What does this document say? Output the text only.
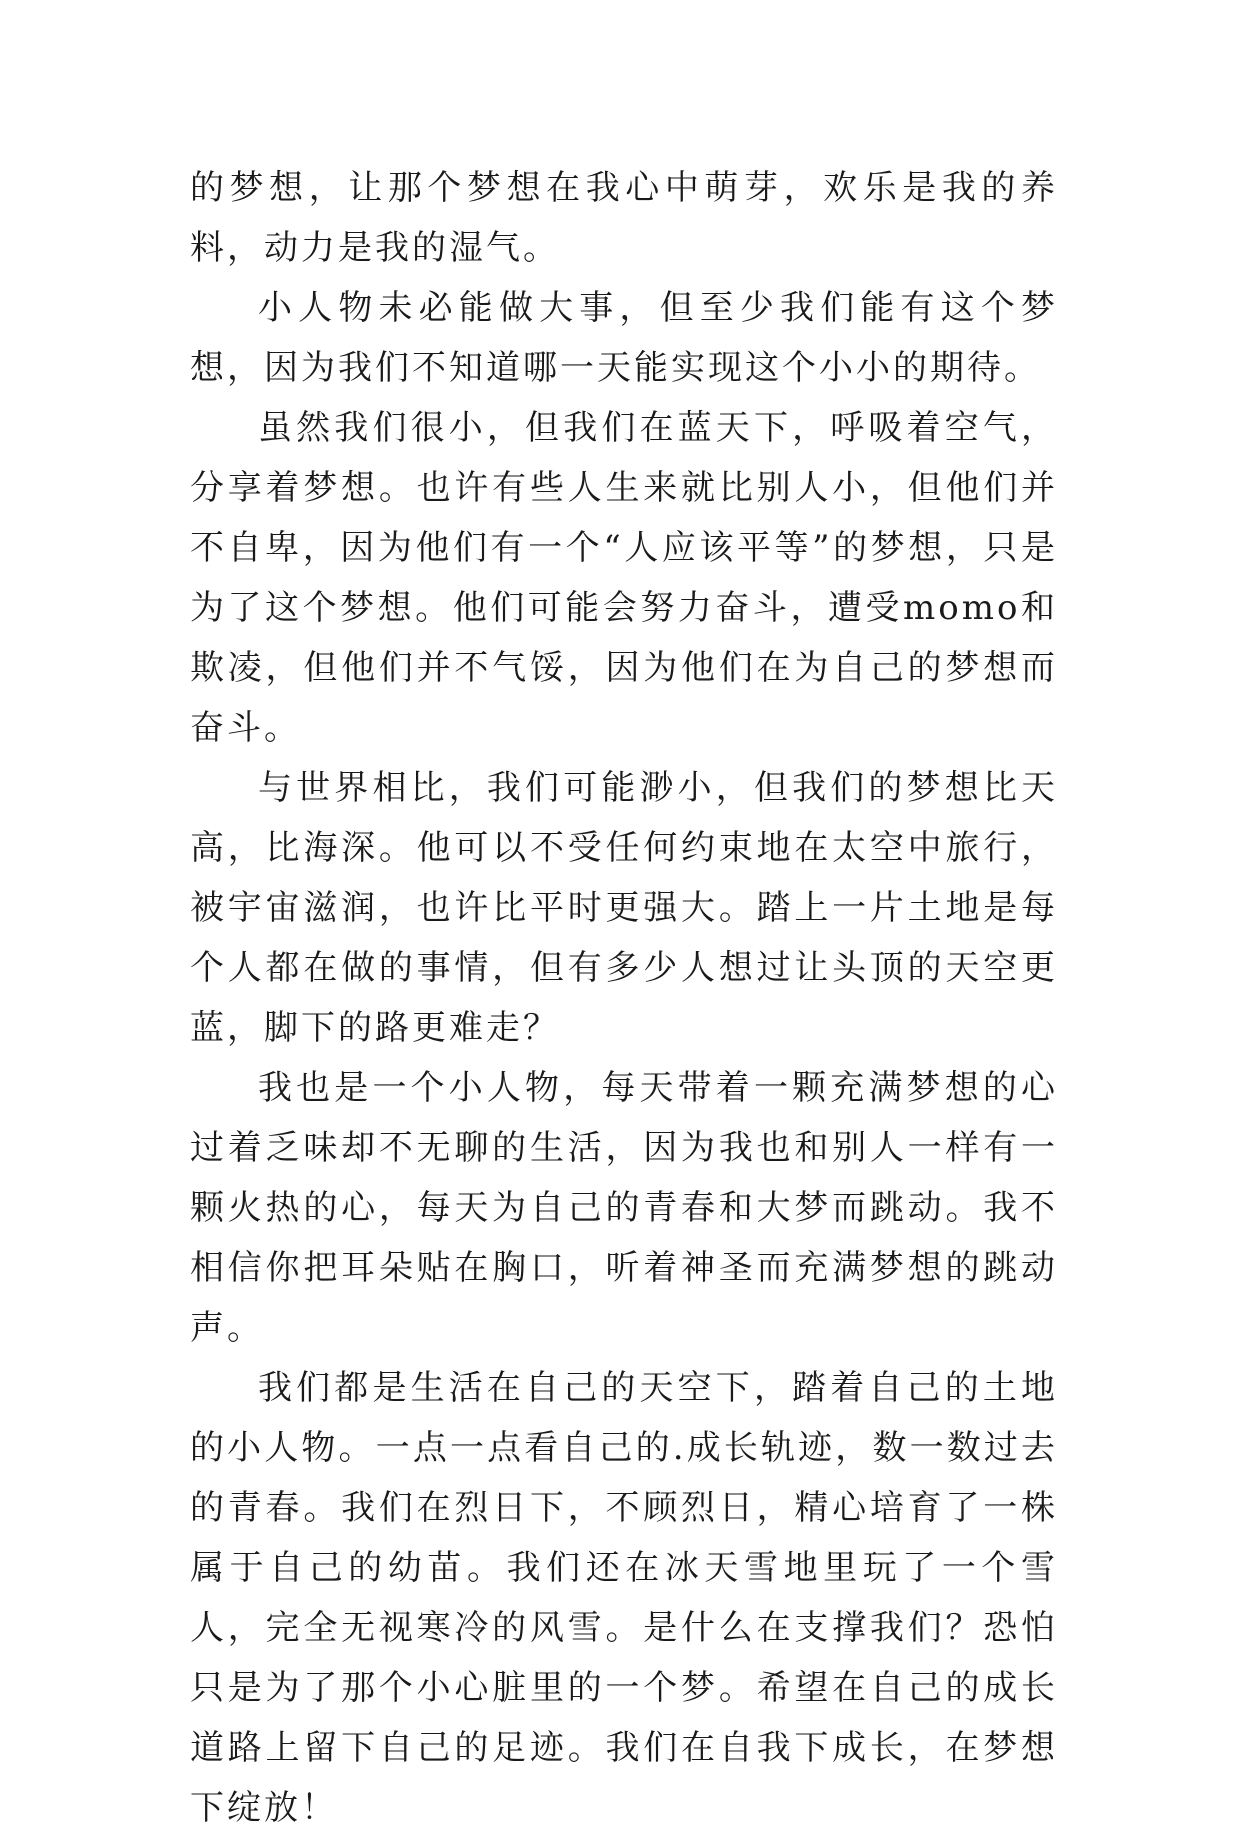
的梦想，让那个梦想在我心中萌芽，欢乐是我的养料，动力是我的湿气。

小人物未必能做大事，但至少我们能有这个梦想，因为我们不知道哪一天能实现这个小小的期待。

虽然我们很小，但我们在蓝天下，呼吸着空气，分享着梦想。也许有些人生来就比别人小，但他们并不自卑，因为他们有一个“人应该平等”的梦想，只是为了这个梦想。他们可能会努力奋斗，遭受momo和欺凌，但他们并不气馁，因为他们在为自己的梦想而奋斗。

与世界相比，我们可能渺小，但我们的梦想比天高，比海深。他可以不受任何约束地在太空中旅行，被宇宙滋润，也许比平时更强大。踏上一片土地是每个人都在做的事情，但有多少人想过让头顶的天空更蓝，脚下的路更难走？

我也是一个小人物，每天带着一颗充满梦想的心过着乏味却不无聊的生活，因为我也和别人一样有一颗火热的心，每天为自己的青春和大梦而跳动。我不相信你把耳朵贴在胸口，听着神圣而充满梦想的跳动声。

我们都是生活在自己的天空下，踏着自己的土地的小人物。一点一点看自己的.成长轨迹，数一数过去的青春。我们在烈日下，不顾烈日，精心培育了一株属于自己的幼苗。我们还在冰天雪地里玩了一个雪人，完全无视寒冷的风雪。是什么在支撑我们？恐怕只是为了那个小心脏里的一个梦。希望在自己的成长道路上留下自己的足迹。我们在自我下成长，在梦想下绽放！
